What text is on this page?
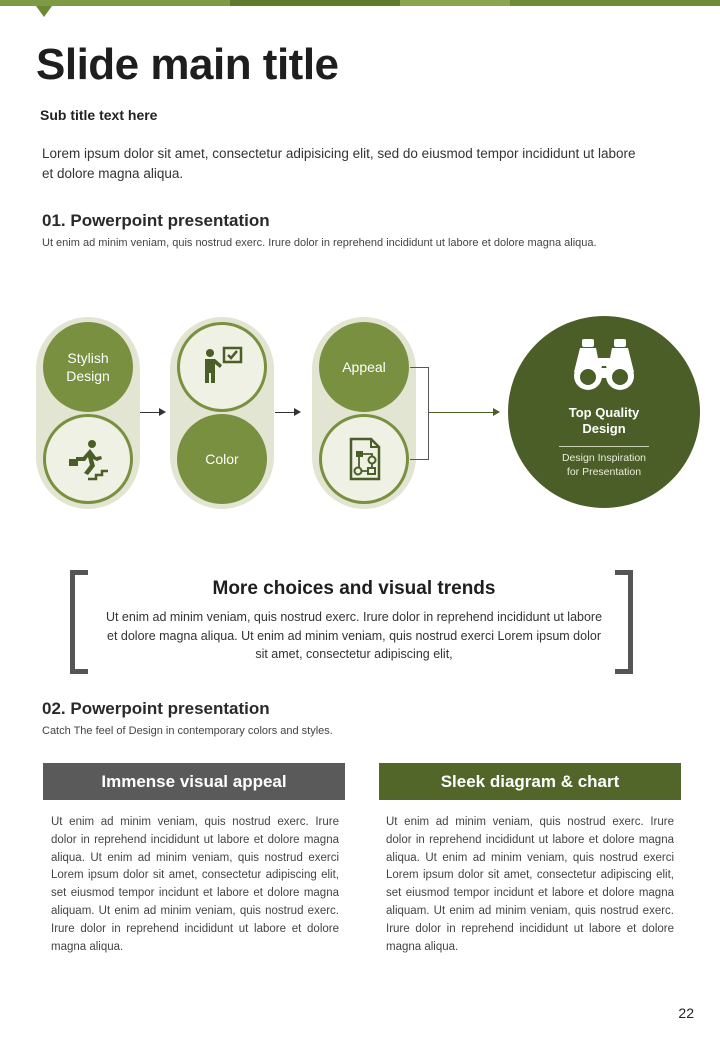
Slide main title
Sub title text here
Lorem ipsum dolor sit amet, consectetur adipisicing elit, sed do eiusmod tempor incididunt ut labore et dolore magna aliqua.
01. Powerpoint presentation
Ut enim ad minim veniam, quis nostrud exerc. Irure dolor in reprehend incididunt ut labore et dolore magna aliqua.
Stylish
Design
Color
Appeal
Top Quality
Design
Design Inspiration
for Presentation
More choices and visual trends
Ut enim ad minim veniam, quis nostrud exerc. Irure dolor in reprehend incididunt ut labore et dolore magna aliqua. Ut enim ad minim veniam, quis nostrud exerci Lorem ipsum dolor sit amet, consectetur adipiscing elit,
02. Powerpoint presentation
Catch The feel of Design in contemporary colors and styles.
Immense visual appeal
Ut enim ad minim veniam, quis nostrud exerc. Irure dolor in reprehend incididunt ut labore et dolore magna aliqua. Ut enim ad minim veniam, quis nostrud exerci Lorem ipsum dolor sit amet, consectetur adipiscing elit, set eiusmod tempor incidunt et labore et dolore magna aliquam. Ut enim ad minim veniam, quis nostrud exerc. Irure dolor in reprehend incididunt ut labore et dolore magna aliqua.
Sleek diagram & chart
Ut enim ad minim veniam, quis nostrud exerc. Irure dolor in reprehend incididunt ut labore et dolore magna aliqua. Ut enim ad minim veniam, quis nostrud exerci Lorem ipsum dolor sit amet, consectetur adipiscing elit, set eiusmod tempor incidunt et labore et dolore magna aliquam. Ut enim ad minim veniam, quis nostrud exerc. Irure dolor in reprehend incididunt ut labore et dolore magna aliqua.
22
